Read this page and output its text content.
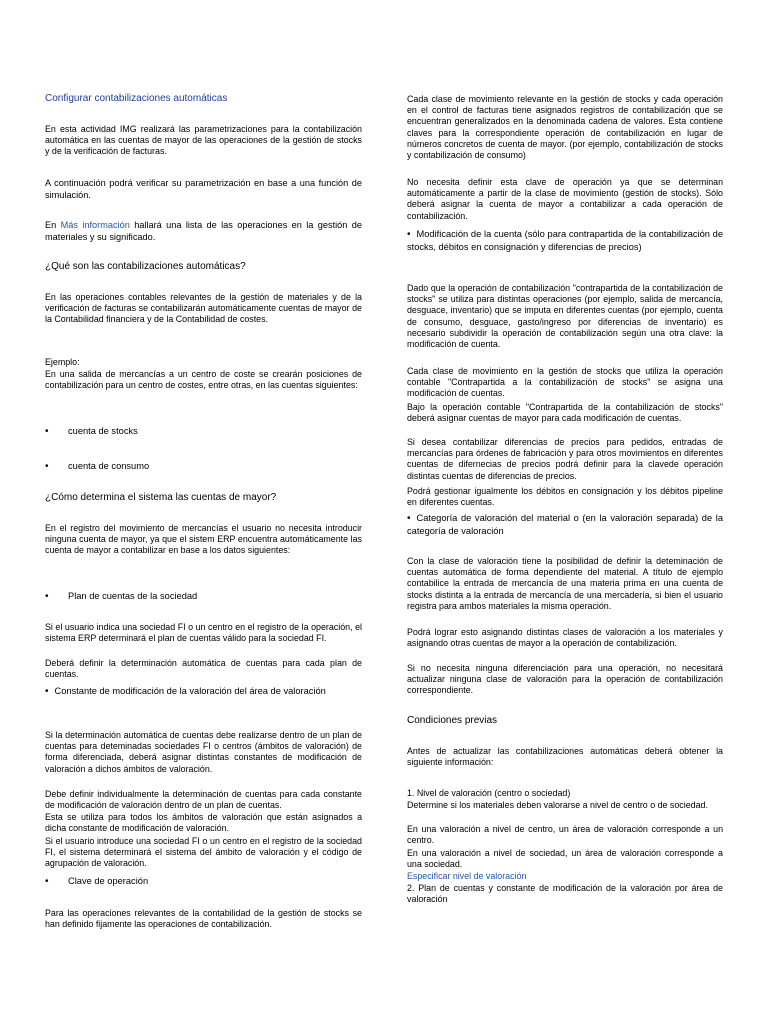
Configurar contabilizaciones automáticas

En esta actividad IMG realizará las parametrizaciones para la contabilización automática en las cuentas de mayor de las operaciones de la gestión de stocks y de la verificación de facturas.

A continuación podrá verificar su parametrización en base a una función de simulación.

En Más información hallará una lista de las operaciones en la gestión de materiales y su significado.

¿Qué son las contabilizaciones automáticas?

En las operaciones contables relevantes de la gestión de materiales y de la verificación de facturas se contabilizarán automáticamente cuentas de mayor de la Contabilidad financiera y de la Contabilidad de costes.

Ejemplo:

En una salida de mercancías a un centro de coste se crearán posiciones de contabilización para un centro de costes, entre otras, en las cuentas siguientes:

• cuenta de stocks
• cuenta de consumo
¿Cómo determina el sistema las cuentas de mayor?

En el registro del movimiento de mercancías el usuario no necesita introducir ninguna cuenta de mayor, ya que el sistem ERP encuentra automáticamente las cuenta de mayor a contabilizar en base a los datos siguientes:

• Plan de cuentas de la sociedad

Si el usuario indica una sociedad FI o un centro en el registro de la operación, el sistema ERP determinará el plan de cuentas válido para la sociedad FI.

Deberá definir la determinación automática de cuentas para cada plan de cuentas.

• Constante de modificación de la valoración del área de valoración

Si la determinación automática de cuentas debe realizarse dentro de un plan de cuentas para deteminadas sociedades FI o centros (ámbitos de valoración) de forma diferenciada, deberá asignar distintas constantes de modificación de valoración a dichos ámbitos de valoración.

Debe definir individualmente la determinación de cuentas para cada constante de modificación de valoración dentro de un plan de cuentas.

Esta se utiliza para todos los ámbitos de valoración que están asignados a dicha constante de modificación de valoración.

Si el usuario introduce una sociedad FI o un centro en el registro de la sociedad FI, el sistema determinará el sistema del ámbito de valoración y el código de agrupación de valoración.

• Clave de operación

Para las operaciones relevantes de la contabilidad de la gestión de stocks se han definido fijamente las operaciones de contabilización.

Cada clase de movimiento relevante en la gestión de stocks y cada operación en el control de facturas tiene asignados registros de contabilización que se encuentran generalizados en la denominada cadena de valores. Esta contiene claves para la correspondiente operación de contabilización en lugar de números concretos de cuenta de mayor. (por ejemplo, contabilización de stocks y contabilización de consumo)

No necesita definir esta clave de operación ya que se determinan automáticamente a partir de la clase de movimiento (gestión de stocks). Sólo deberá asignar la cuenta de mayor a contabilizar a cada operación de contabilización.

• Modificación de la cuenta (sólo para contrapartida de la contabilización de stocks, débitos en consignación y diferencias de precios)

Dado que la operación de contabilización "contrapartida de la contabilización de stocks" se utiliza para distintas operaciones (por ejemplo, salida de mercancía, desguace, inventario) que se imputa en diferentes cuentas (por ejemplo, cuenta de consumo, desguace, gasto/ingreso por diferencias de inventario) es necesario subdividir la operación de contabilización según una otra clave: la modificación de cuenta.

Cada clase de movimiento en la gestión de stocks que utiliza la operación contable "Contrapartida a la contabilización de stocks" se asigna una modificación de cuentas.

Bajo la operación contable "Contrapartida de la contabilización de stocks" deberá asignar cuentas de mayor para cada modificación de cuentas.

Si desea contabilizar diferencias de precios para pedidos, entradas de mercancías para órdenes de fabricación y para otros movimientos en diferentes cuentas de difernecias de precios podrá definir para la clavede operación distintas cuentas de diferencias de precios.

Podrá gestionar igualmente los débitos en consignación y los débitos pipeline en diferentes cuentas.

• Categoría de valoración del material o (en la valoración separada) de la categoría de valoración

Con la clase de valoración tiene la posibilidad de definir la deteminación de cuentas automática de forma dependiente del material. A título de ejemplo contabilice la entrada de mercancía de una materia prima en una cuenta de stocks distinta a la entrada de mercancía de una mercadería, si bien el usuario registra para ambos materiales la misma operación.

Podrá lograr esto asignando distintas clases de valoración a los materiales y asignando otras cuentas de mayor a la operación de contabilización.

Si no necesita ninguna diferenciación para una operación, no necesitará actualizar ninguna clase de valoración para la operación de contabilización correspondiente.

Condiciones previas

Antes de actualizar las contabilizaciones automáticas deberá obtener la siguiente información:

1. Nivel de valoración (centro o sociedad)

Determine si los materiales deben valorarse a nivel de centro o de sociedad.

En una valoración a nivel de centro, un área de valoración corresponde a un centro.

En una valoración a nivel de sociedad, un área de valoración corresponde a una sociedad.

Especificar nivel de valoración

2. Plan de cuentas y constante de modificación de la valoración por área de valoración
